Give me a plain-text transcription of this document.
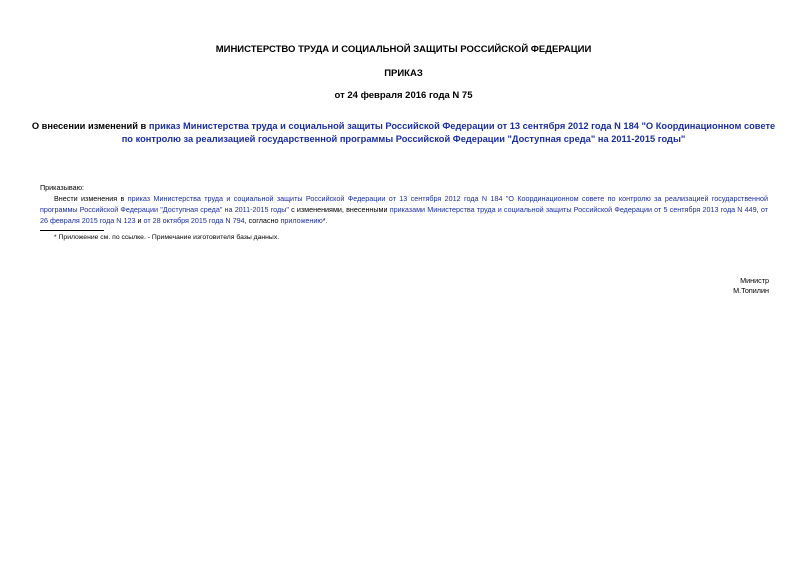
МИНИСТЕРСТВО ТРУДА И СОЦИАЛЬНОЙ ЗАЩИТЫ РОССИЙСКОЙ ФЕДЕРАЦИИ
ПРИКАЗ
от 24 февраля 2016 года N 75
О внесении изменений в приказ Министерства труда и социальной защиты Российской Федерации от 13 сентября 2012 года N 184 "О Координационном совете по контролю за реализацией государственной программы Российской Федерации "Доступная среда" на 2011-2015 годы"
Приказываю:
Внести изменения в приказ Министерства труда и социальной защиты Российской Федерации от 13 сентября 2012 года N 184 "О Координационном совете по контролю за реализацией государственной программы Российской Федерации "Доступная среда" на 2011-2015 годы" с изменениями, внесенными приказами Министерства труда и социальной защиты Российской Федерации от 5 сентября 2013 года N 449, от 26 февраля 2015 года N 123 и от 28 октября 2015 года N 794, согласно приложению*.
* Приложение см. по ссылке. - Примечание изготовителя базы данных.
Министр
М.Топилин
